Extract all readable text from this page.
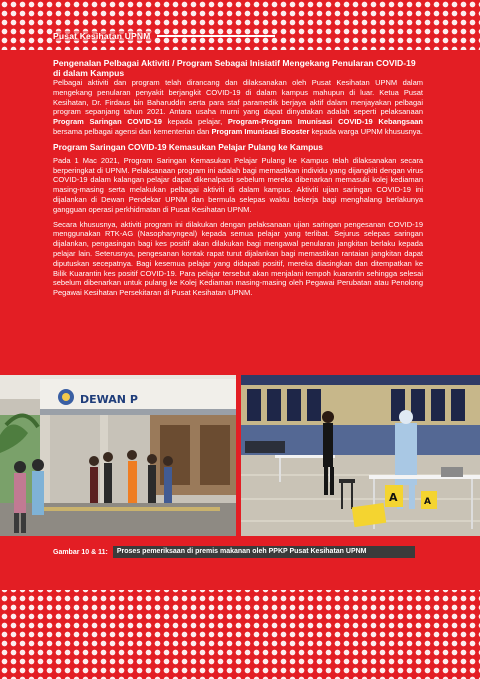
Pusat Kesihatan UPNM

Pengenalan Pelbagai Aktiviti / Program Sebagai Inisiatif Mengekang Penularan COVID-19 di dalam Kampus

Pelbagai aktiviti dan program telah dirancang dan dilaksanakan oleh Pusat Kesihatan UPNM dalam mengekang penularan penyakit berjangkit COVID-19 di dalam kampus mahupun di luar. Ketua Pusat Kesihatan, Dr. Firdaus bin Baharuddin serta para staf paramedik berjaya aktif dalam menjayakan pelbagai program sepanjang tahun 2021. Antara usaha murni yang dapat dinyatakan adalah seperti pelaksanaan Program Saringan COVID-19 kepada pelajar, Program-Program Imunisasi COVID-19 Kebangsaan bersama pelbagai agensi dan kementerian dan Program Imunisasi Booster kepada warga UPNM khususnya.

Program Saringan COVID-19 Kemasukan Pelajar Pulang ke Kampus

Pada 1 Mac 2021, Program Saringan Kemasukan Pelajar Pulang ke Kampus telah dilaksanakan secara berperingkat di UPNM. Pelaksanaan program ini adalah bagi memastikan individu yang dijangkiti dengan virus COVID-19 dalam kalangan pelajar dapat dikenalpasti sebelum mereka dibenarkan memasuki kolej kediaman masing-masing serta melakukan pelbagai aktiviti di dalam kampus. Aktiviti ujian saringan COVID-19 ini dijalankan di Dewan Pendekar UPNM dan bermula selepas waktu bekerja bagi menghalang berlakunya gangguan operasi perkhidmatan di Pusat Kesihatan UPNM.

Secara khususnya, aktiviti program ini dilakukan dengan pelaksanaan ujian saringan pengesanan COVID-19 menggunakan RTK-AG (Nasopharyngeal) kepada semua pelajar yang terlibat. Sejurus selepas saringan dijalankan, pengasingan bagi kes positif akan dilakukan bagi mengawal penularan jangkitan berlaku kepada pelajar lain. Seterusnya, pengesanan kontak rapat turut dijalankan bagi memastikan rantaian jangkitan dapat diputuskan secepatnya. Bagi kesemua pelajar yang didapati positif, mereka diasingkan dan ditempatkan ke Bilik Kuarantin kes positif COVID-19. Para pelajar tersebut akan menjalani tempoh kuarantin sehingga selesai sebelum dibenarkan untuk pulang ke Kolej Kediaman masing-masing oleh Pegawai Perubatan atau Penolong Pegawai Kesihatan Persekitaran di Pusat Kesihatan UPNM.

DEWAN P
A	A
Gambar 10 & 11:	Proses pemeriksaan di premis makanan oleh PPKP Pusat Kesihatan UPNM
